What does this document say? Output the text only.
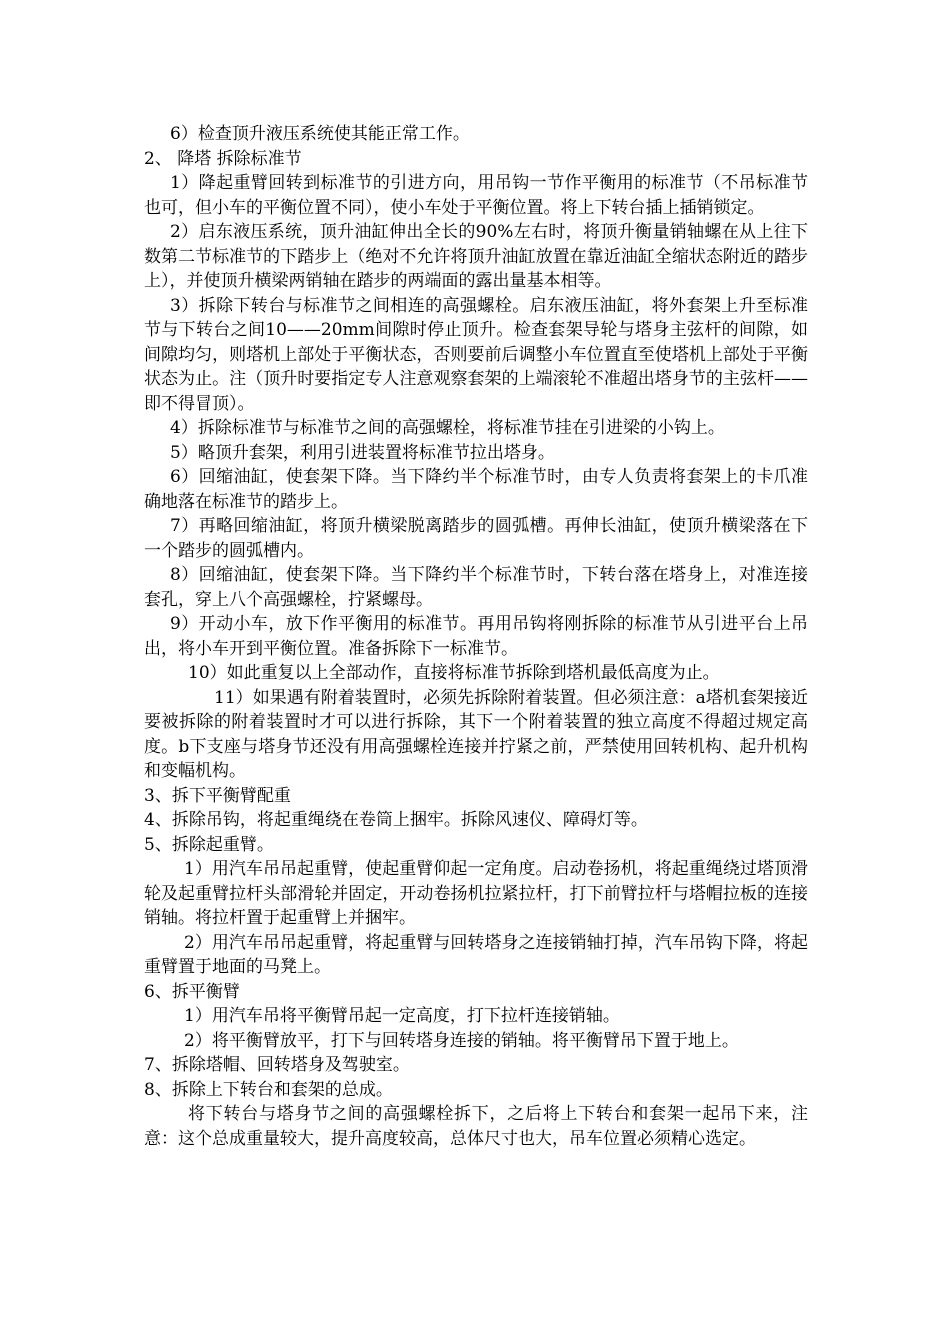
6）检查顶升液压系统使其能正常工作。

2、 降塔 拆除标准节

1）降起重臂回转到标准节的引进方向，用吊钩一节作平衡用的标准节（不吊标准节也可，但小车的平衡位置不同），使小车处于平衡位置。将上下转台插上插销锁定。

2）启东液压系统，顶升油缸伸出全长的90%左右时，将顶升衡量销轴螺在从上往下数第二节标准节的下踏步上（绝对不允许将顶升油缸放置在靠近油缸全缩状态附近的踏步上），并使顶升横梁两销轴在踏步的两端面的露出量基本相等。

3）拆除下转台与标准节之间相连的高强螺栓。启东液压油缸，将外套架上升至标准节与下转台之间10——20mm间隙时停止顶升。检查套架导轮与塔身主弦杆的间隙，如间隙均匀，则塔机上部处于平衡状态，否则要前后调整小车位置直至使塔机上部处于平衡状态为止。注（顶升时要指定专人注意观察套架的上端滚轮不准超出塔身节的主弦杆——即不得冒顶）。

4）拆除标准节与标准节之间的高强螺栓，将标准节挂在引进梁的小钩上。

5）略顶升套架，利用引进装置将标准节拉出塔身。

6）回缩油缸，使套架下降。当下降约半个标准节时，由专人负责将套架上的卡爪准确地落在标准节的踏步上。

7）再略回缩油缸，将顶升横梁脱离踏步的圆弧槽。再伸长油缸，使顶升横梁落在下一个踏步的圆弧槽内。

8）回缩油缸，使套架下降。当下降约半个标准节时，下转台落在塔身上，对准连接套孔，穿上八个高强螺栓，拧紧螺母。

9）开动小车，放下作平衡用的标准节。再用吊钩将刚拆除的标准节从引进平台上吊出，将小车开到平衡位置。准备拆除下一标准节。

10）如此重复以上全部动作，直接将标准节拆除到塔机最低高度为止。

11）如果遇有附着装置时，必须先拆除附着装置。但必须注意：a塔机套架接近要被拆除的附着装置时才可以进行拆除，其下一个附着装置的独立高度不得超过规定高度。b下支座与塔身节还没有用高强螺栓连接并拧紧之前，严禁使用回转机构、起升机构和变幅机构。

3、拆下平衡臂配重

4、拆除吊钩，将起重绳绕在卷筒上捆牢。拆除风速仪、障碍灯等。

5、拆除起重臂。

1）用汽车吊吊起重臂，使起重臂仰起一定角度。启动卷扬机，将起重绳绕过塔顶滑轮及起重臂拉杆头部滑轮并固定，开动卷扬机拉紧拉杆，打下前臂拉杆与塔帽拉板的连接销轴。将拉杆置于起重臂上并捆牢。

2）用汽车吊吊起重臂，将起重臂与回转塔身之连接销轴打掉，汽车吊钩下降，将起重臂置于地面的马凳上。

6、拆平衡臂

1）用汽车吊将平衡臂吊起一定高度，打下拉杆连接销轴。

2）将平衡臂放平，打下与回转塔身连接的销轴。将平衡臂吊下置于地上。

7、拆除塔帽、回转塔身及驾驶室。

8、拆除上下转台和套架的总成。

将下转台与塔身节之间的高强螺栓拆下，之后将上下转台和套架一起吊下来，注意：这个总成重量较大，提升高度较高，总体尺寸也大，吊车位置必须精心选定。
